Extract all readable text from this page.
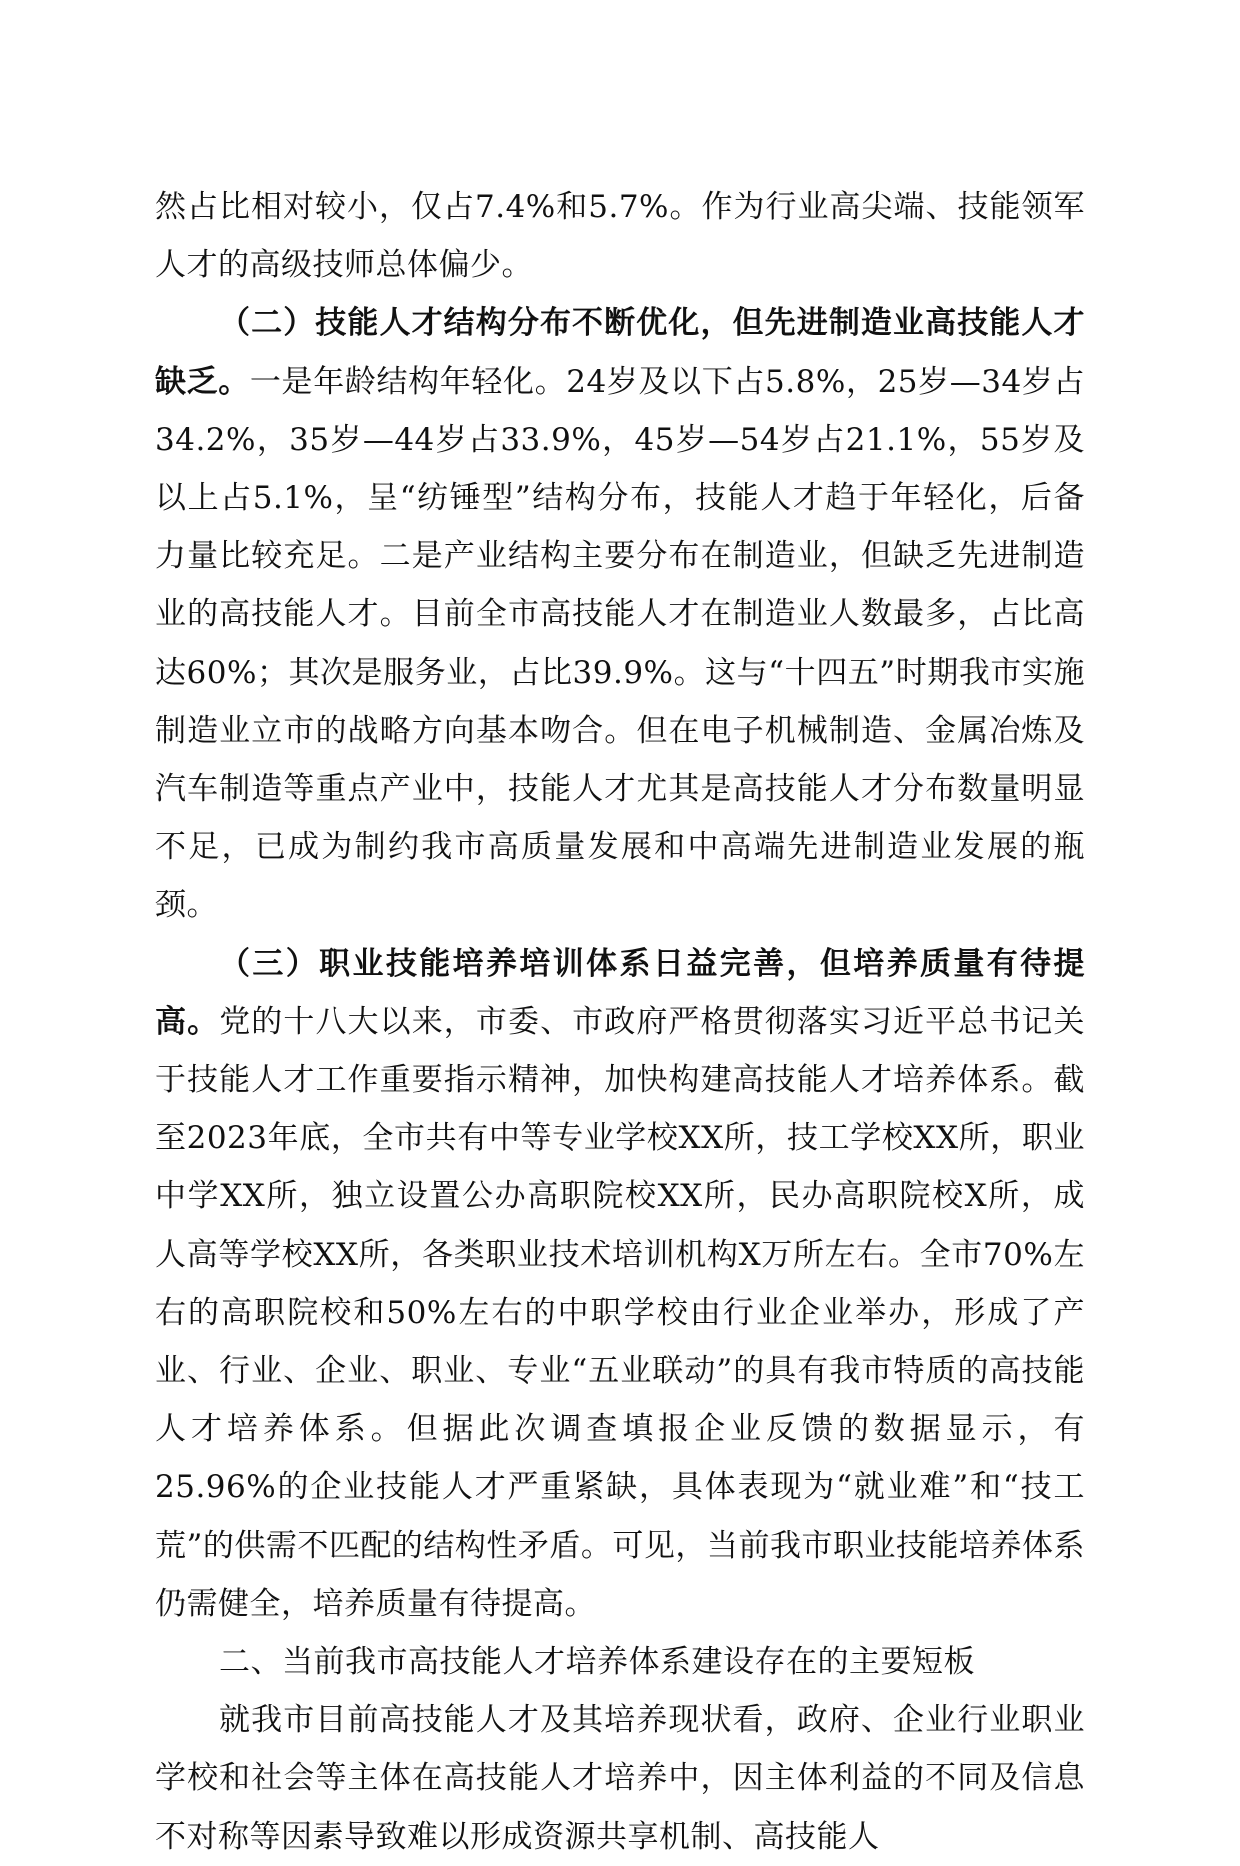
然占比相对较小，仅占7.4%和5.7%。作为行业高尖端、技能领军人才的高级技师总体偏少。

（二）技能人才结构分布不断优化，但先进制造业高技能人才缺乏。一是年龄结构年轻化。24岁及以下占5.8%，25岁—34岁占34.2%，35岁—44岁占33.9%，45岁—54岁占21.1%，55岁及以上占5.1%，呈“纺锤型”结构分布，技能人才趋于年轻化，后备力量比较充足。二是产业结构主要分布在制造业，但缺乏先进制造业的高技能人才。目前全市高技能人才在制造业人数最多，占比高达60%；其次是服务业，占比39.9%。这与“十四五”时期我市实施制造业立市的战略方向基本吻合。但在电子机械制造、金属冶炼及汽车制造等重点产业中，技能人才尤其是高技能人才分布数量明显不足，已成为制约我市高质量发展和中高端先进制造业发展的瓶颈。

（三）职业技能培养培训体系日益完善，但培养质量有待提高。党的十八大以来，市委、市政府严格贯彻落实习近平总书记关于技能人才工作重要指示精神，加快构建高技能人才培养体系。截至2023年底，全市共有中等专业学校XX所，技工学校XX所，职业中学XX所，独立设置公办高职院校XX所，民办高职院校X所，成人高等学校XX所，各类职业技术培训机构X万所左右。全市70%左右的高职院校和50%左右的中职学校由行业企业举办，形成了产业、行业、企业、职业、专业“五业联动”的具有我市特质的高技能人才培养体系。但据此次调查填报企业反馈的数据显示，有25.96%的企业技能人才严重紧缺，具体表现为“就业难”和“技工荒”的供需不匹配的结构性矛盾。可见，当前我市职业技能培养体系仍需健全，培养质量有待提高。

二、当前我市高技能人才培养体系建设存在的主要短板

就我市目前高技能人才及其培养现状看，政府、企业行业职业学校和社会等主体在高技能人才培养中，因主体利益的不同及信息不对称等因素导致难以形成资源共享机制、高技能人
